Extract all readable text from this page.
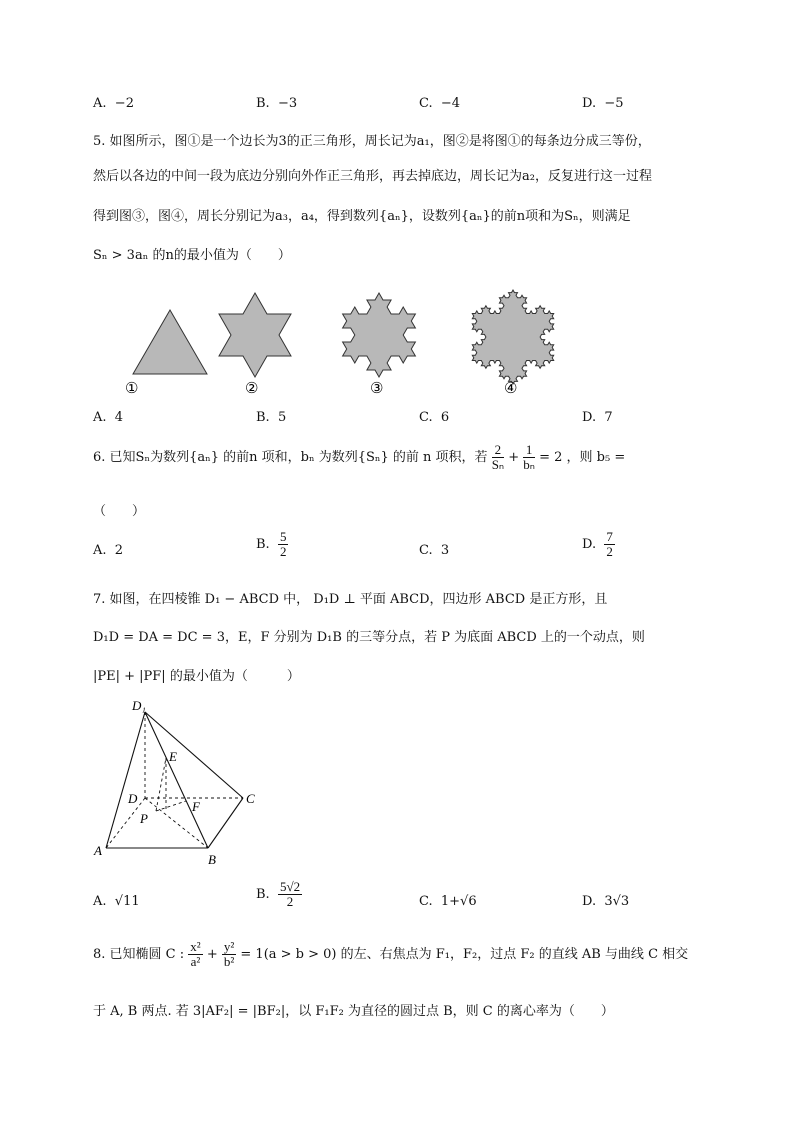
A. −2	B. −3	C. −4	D. −5
5. 如图所示，图①是一个边长为3的正三角形，周长记为a₁，图②是将图①的每条边分成三等份，
然后以各边的中间一段为底边分别向外作正三角形，再去掉底边，周长记为a₂，反复进行这一过程
得到图③，图④，周长分别记为a₃，a₄，得到数列{aₙ}，设数列{aₙ}的前n项和为Sₙ，则满足
Sₙ > 3aₙ 的n的最小值为（　　）
①	②	③	④
A. 4	B. 5	C. 6	D. 7
6. 已知Sₙ为数列{aₙ} 的前n 项和，bₙ 为数列{Sₙ} 的前 n 项积，若 $\frac{2}{\text{Sₙ}} + \frac{1}{\text{bₙ}} = 2$ ，则 b₅ =
（　　）
A. 2	B. $\frac{5}{2}$	C. 3	D. $\frac{7}{2}$
7. 如图，在四棱锥 D₁ − ABCD 中， D₁D ⊥ 平面 ABCD，四边形 ABCD 是正方形，且
D₁D = DA = DC = 3，E，F 分别为 D₁B 的三等分点，若 P 为底面 ABCD 上的一个动点，则
|PE| + |PF| 的最小值为（　　　）
D₁
E
D	C
P
F
A
B
A. √11	B. $\frac{5√2}{2}$	C. 1+√6	D. 3√3
8. 已知椭圆 C : $\frac{\text{x²}}{\text{a²}} + \frac{\text{y²}}{\text{b²}} = 1(a > b > 0)$ 的左、右焦点为 F₁，F₂，过点 F₂ 的直线 AB 与曲线 C 相交
于 A, B 两点. 若 3|AF₂| = |BF₂|，以 F₁F₂ 为直径的圆过点 B，则 C 的离心率为（　　）
